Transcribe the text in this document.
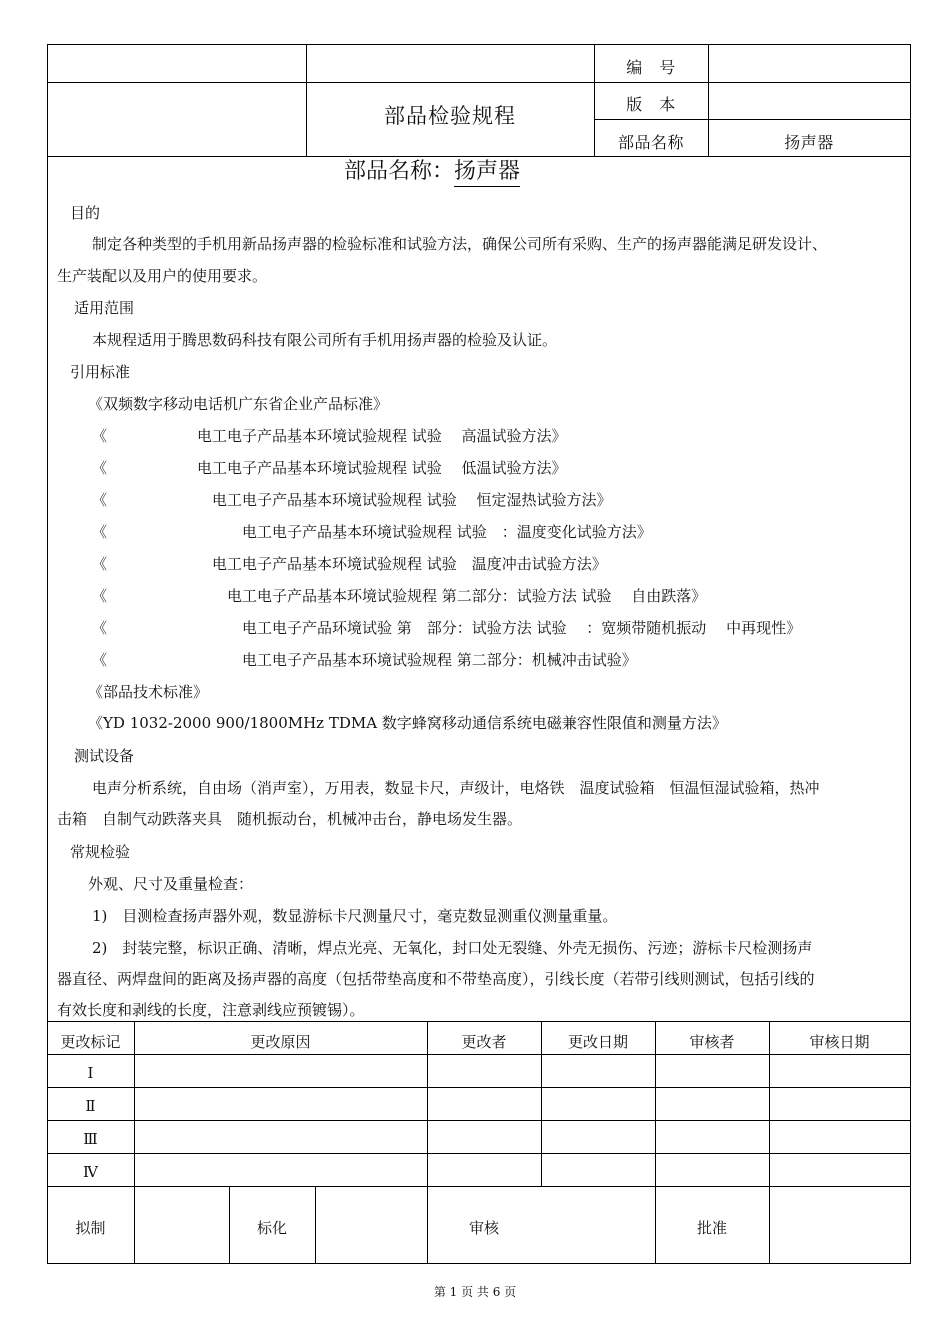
部品检验规程
编　号
版　本
部品名称	扬声器
部品名称：扬声器
目的
制定各种类型的手机用新品扬声器的检验标准和试验方法，确保公司所有采购、生产的扬声器能满足研发设计、
生产装配以及用户的使用要求。
适用范围
本规程适用于腾思数码科技有限公司所有手机用扬声器的检验及认证。
引用标准
《双频数字移动电话机广东省企业产品标准》
《　　　　　　电工电子产品基本环境试验规程 试验　 高温试验方法》
《　　　　　　电工电子产品基本环境试验规程 试验　 低温试验方法》
《　　　　　　　电工电子产品基本环境试验规程 试验　 恒定湿热试验方法》
《　　　　　　　　　电工电子产品基本环境试验规程 试验　：温度变化试验方法》
《　　　　　　　电工电子产品基本环境试验规程 试验　温度冲击试验方法》
《　　　　　　　　电工电子产品基本环境试验规程 第二部分：试验方法 试验　 自由跌落》
《　　　　　　　　　电工电子产品环境试验 第　部分：试验方法 试验　 ：宽频带随机振动　 中再现性》
《　　　　　　　　　电工电子产品基本环境试验规程 第二部分：机械冲击试验》
《部品技术标准》
《YD 1032-2000 900/1800MHz TDMA 数字蜂窝移动通信系统电磁兼容性限值和测量方法》
测试设备
电声分析系统，自由场（消声室），万用表，数显卡尺，声级计，电烙铁　温度试验箱　恒温恒湿试验箱，热冲
击箱　自制气动跌落夹具　随机振动台，机械冲击台，静电场发生器。
常规检验
外观、尺寸及重量检查：
1)　目测检查扬声器外观，数显游标卡尺测量尺寸，毫克数显测重仪测量重量。
2)　封装完整，标识正确、清晰，焊点光亮、无氧化，封口处无裂缝、外壳无损伤、污迹；游标卡尺检测扬声
器直径、两焊盘间的距离及扬声器的高度（包括带垫高度和不带垫高度），引线长度（若带引线则测试，包括引线的
有效长度和剥线的长度，注意剥线应预镀锡）。
更改标记	更改原因	更改者	更改日期	审核者	审核日期
Ⅰ
Ⅱ
Ⅲ
Ⅳ
拟制	标化	审核	批准
第 1 页 共 6 页
